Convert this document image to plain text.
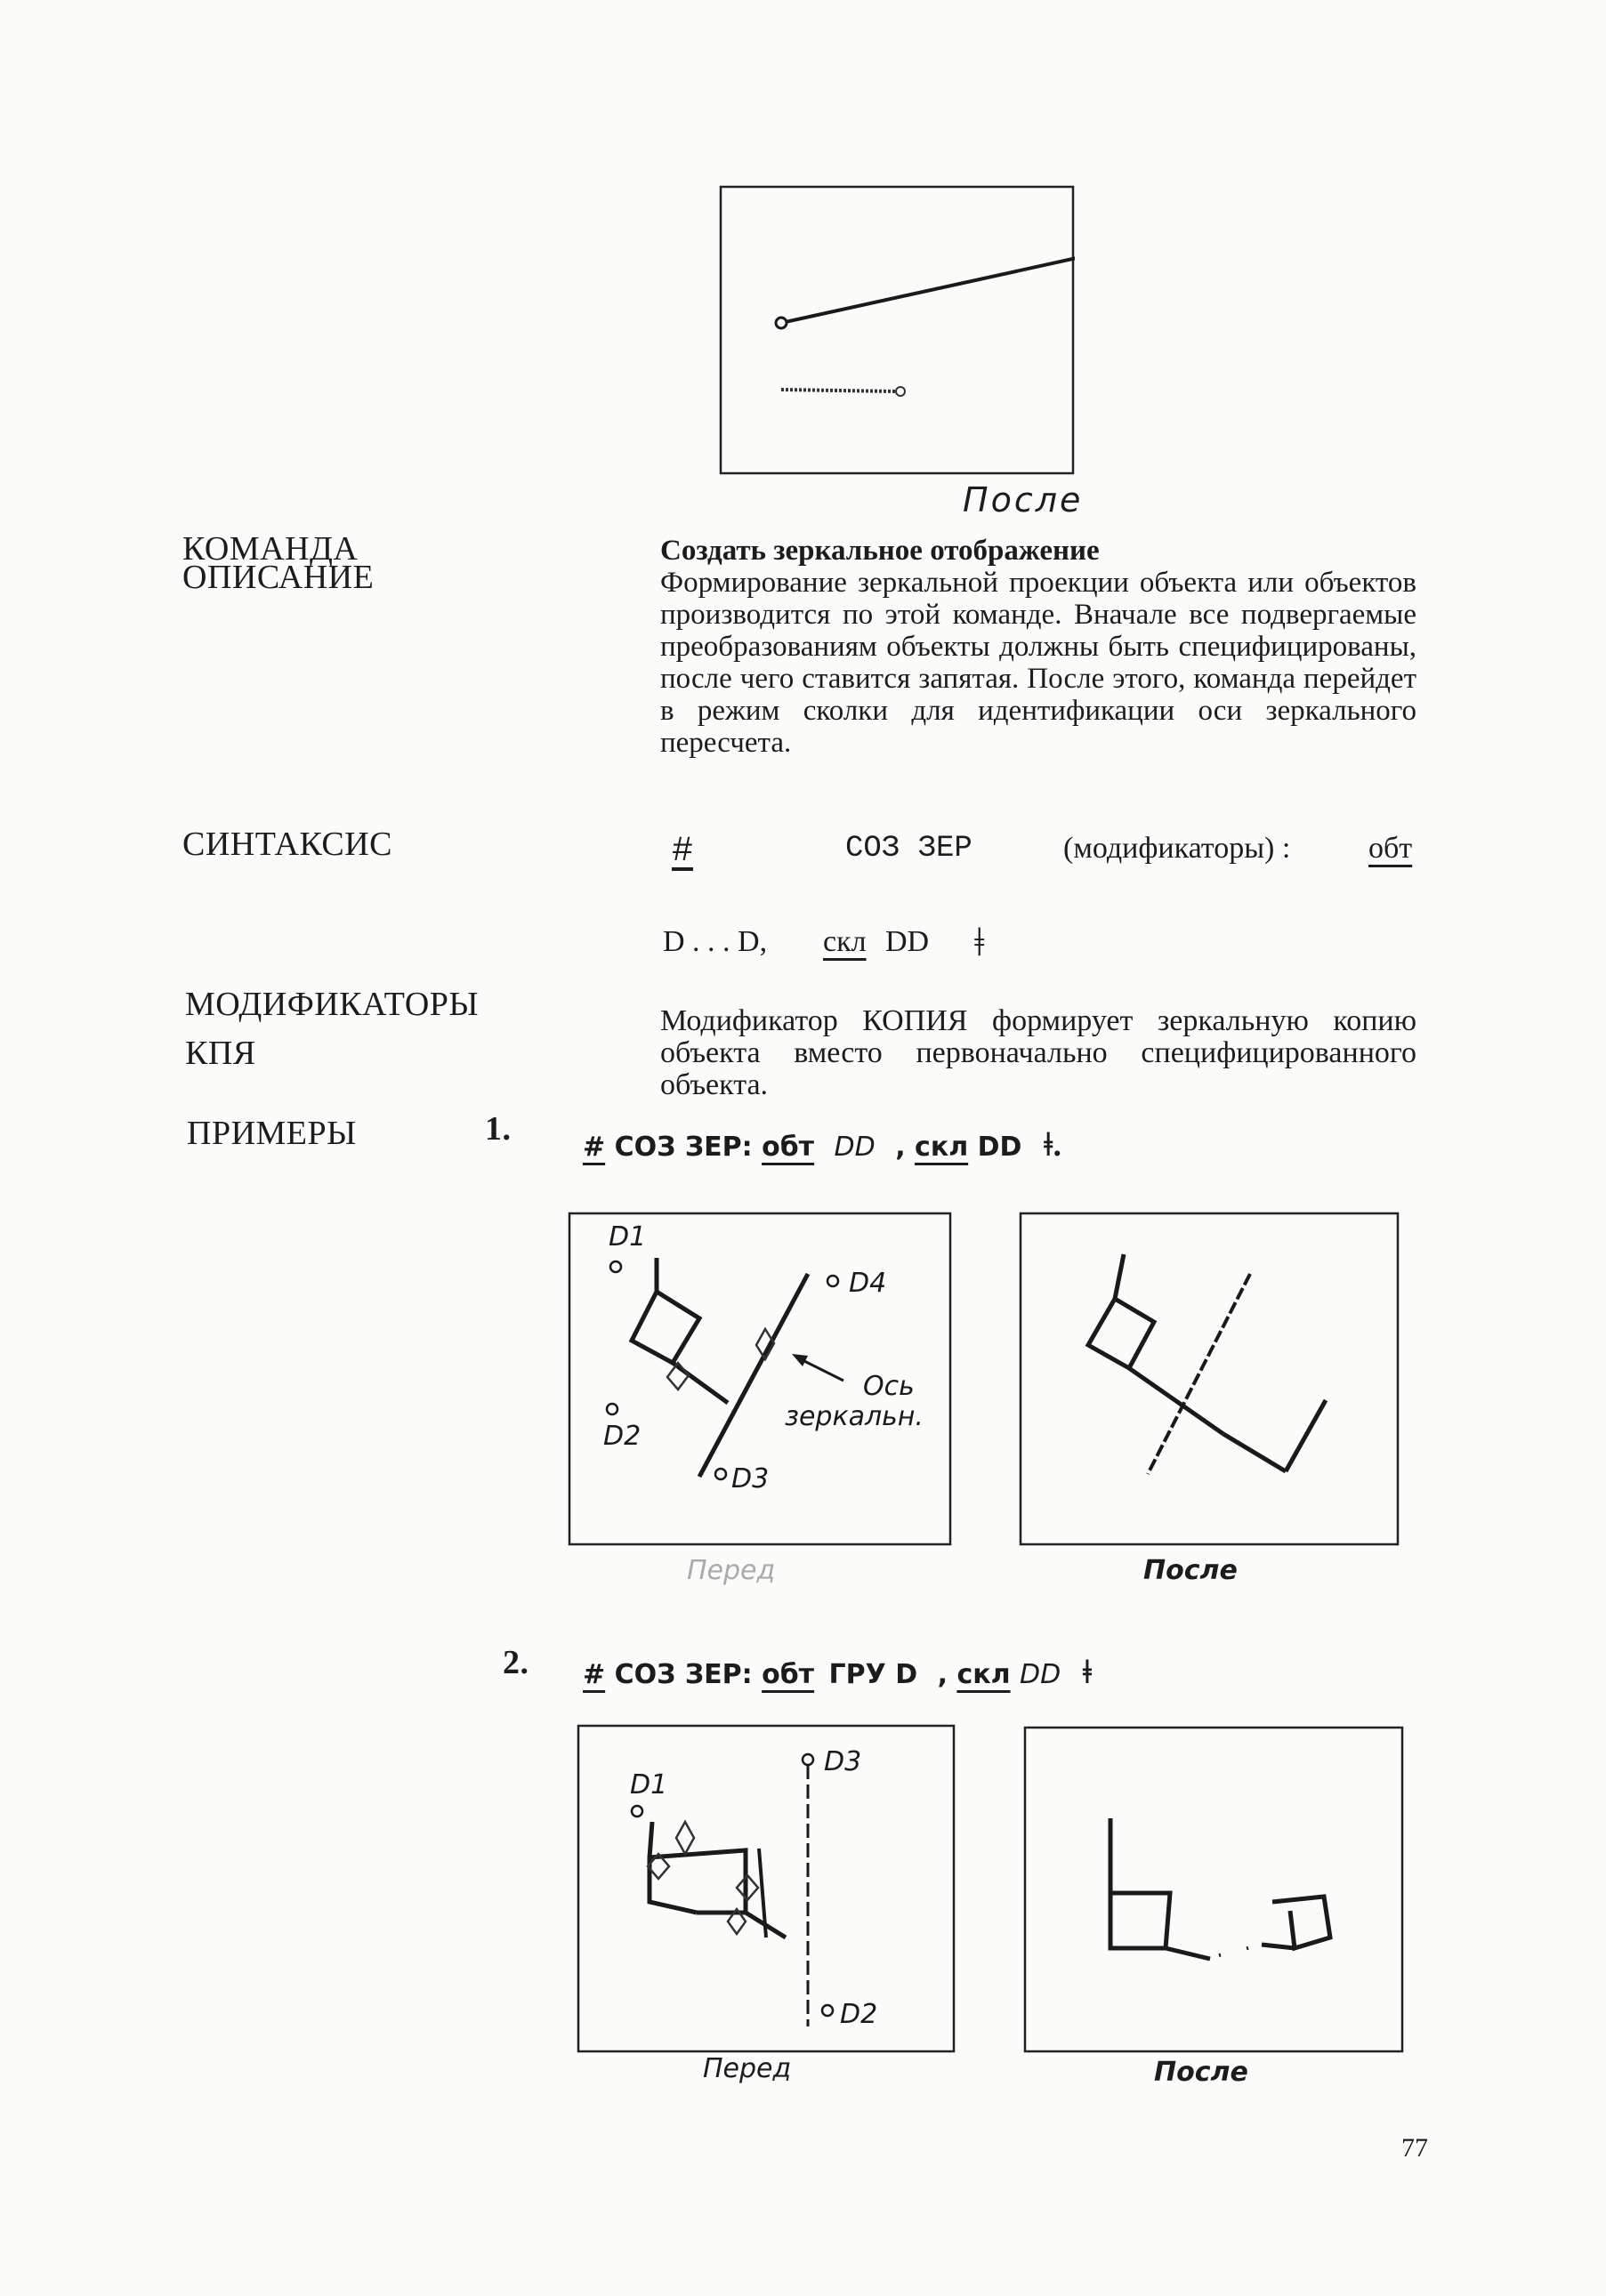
После
КОМАНДА
ОПИСАНИЕ
СИНТАКСИС
МОДИФИКАТОРЫ
КПЯ
ПРИМЕРЫ
Создать зеркальное отображение
Формирование зеркальной проекции объекта или объектов производится по этой команде. Вначале все подвергаемые преобразованиям объекты должны быть специфицированы, после чего ставится запятая. После этого, команда перейдет в режим сколки для идентификации оси зеркального пересчета.
#	СОЗ ЗЕР	(модификаторы) :	обт
D . . . D, скл DD ǂ
Модификатор КОПИЯ формирует зеркальную копию объекта вместо первоначально специфицированного объекта.
1.	# СОЗ ЗЕР: обт DD , скл DD ǂ.
D1
D2
D3
D4
Ось
зеркальн.
Перед	После
2. # СОЗ ЗЕР: обт ГРУ D , скл DD ǂ
D1
D3
D2
Перед	После
77
